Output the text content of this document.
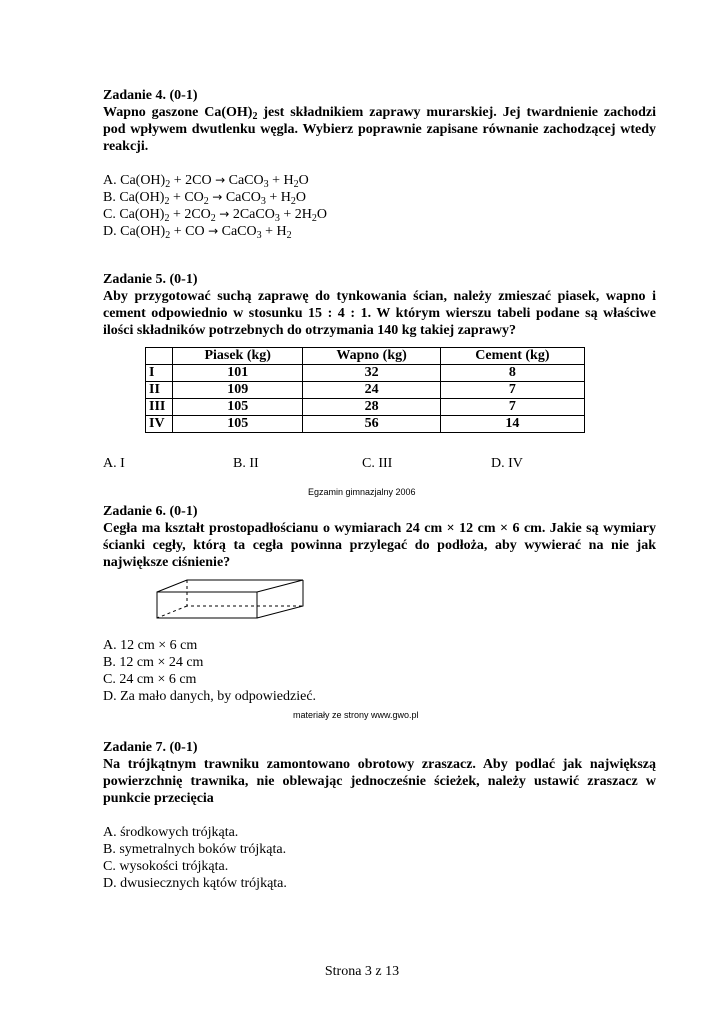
Zadanie 4. (0-1)

Wapno gaszone $Ca(OH)_2$ jest składnikiem zaprawy murarskiej. Jej twardnienie zachodzi pod wpływem dwutlenku węgla. Wybierz poprawnie zapisane równanie zachodzącej wtedy reakcji.

A. $Ca(OH)_2 + 2CO$ → CaCO$_3$ + $H_2O$
B. $Ca(OH)_2 + CO_2$ → CaCO$_3$ + $H_2O$
C. $Ca(OH)_2 + 2CO_2$ → 2CaCO$_3$ + $2H_2O$
D. $Ca(OH)_2$ + CO → CaCO$_3$ + $H_2$

Zadanie 5. (0-1)

Aby przygotować suchą zaprawę do tynkowania ścian, należy zmieszać piasek, wapno i cement odpowiednio w stosunku 15 : 4 : 1. W którym wierszu tabeli podane są właściwe ilości składników potrzebnych do otrzymania 140 kg takiej zaprawy?

	Piasek (kg)	Wapno (kg)	Cement (kg)
I	101	32	8
II	109	24	7
III	105	28	7
IV	105	56	14
A. I	B. II	C. III	D. IV
Egzamin gimnazjalny 2006

Zadanie 6. (0-1)

Cegła ma kształt prostopadłościanu o wymiarach 24 cm × 12 cm × 6 cm. Jakie są wymiary ścianki cegły, którą ta cegła powinna przylegać do podłoża, aby wywierać na nie jak największe ciśnienie?

A. 12 cm × 6 cm
B. 12 cm × 24 cm
C. 24 cm × 6 cm
D. Za mało danych, by odpowiedzieć.
materiały ze strony www.gwo.pl

Zadanie 7. (0-1)

Na trójkątnym trawniku zamontowano obrotowy zraszacz. Aby podlać jak największą powierzchnię trawnika, nie oblewając jednocześnie ścieżek, należy ustawić zraszacz w punkcie przecięcia

A. środkowych trójkąta.
B. symetralnych boków trójkąta.
C. wysokości trójkąta.
D. dwusiecznych kątów trójkąta.
Strona 3 z 13
